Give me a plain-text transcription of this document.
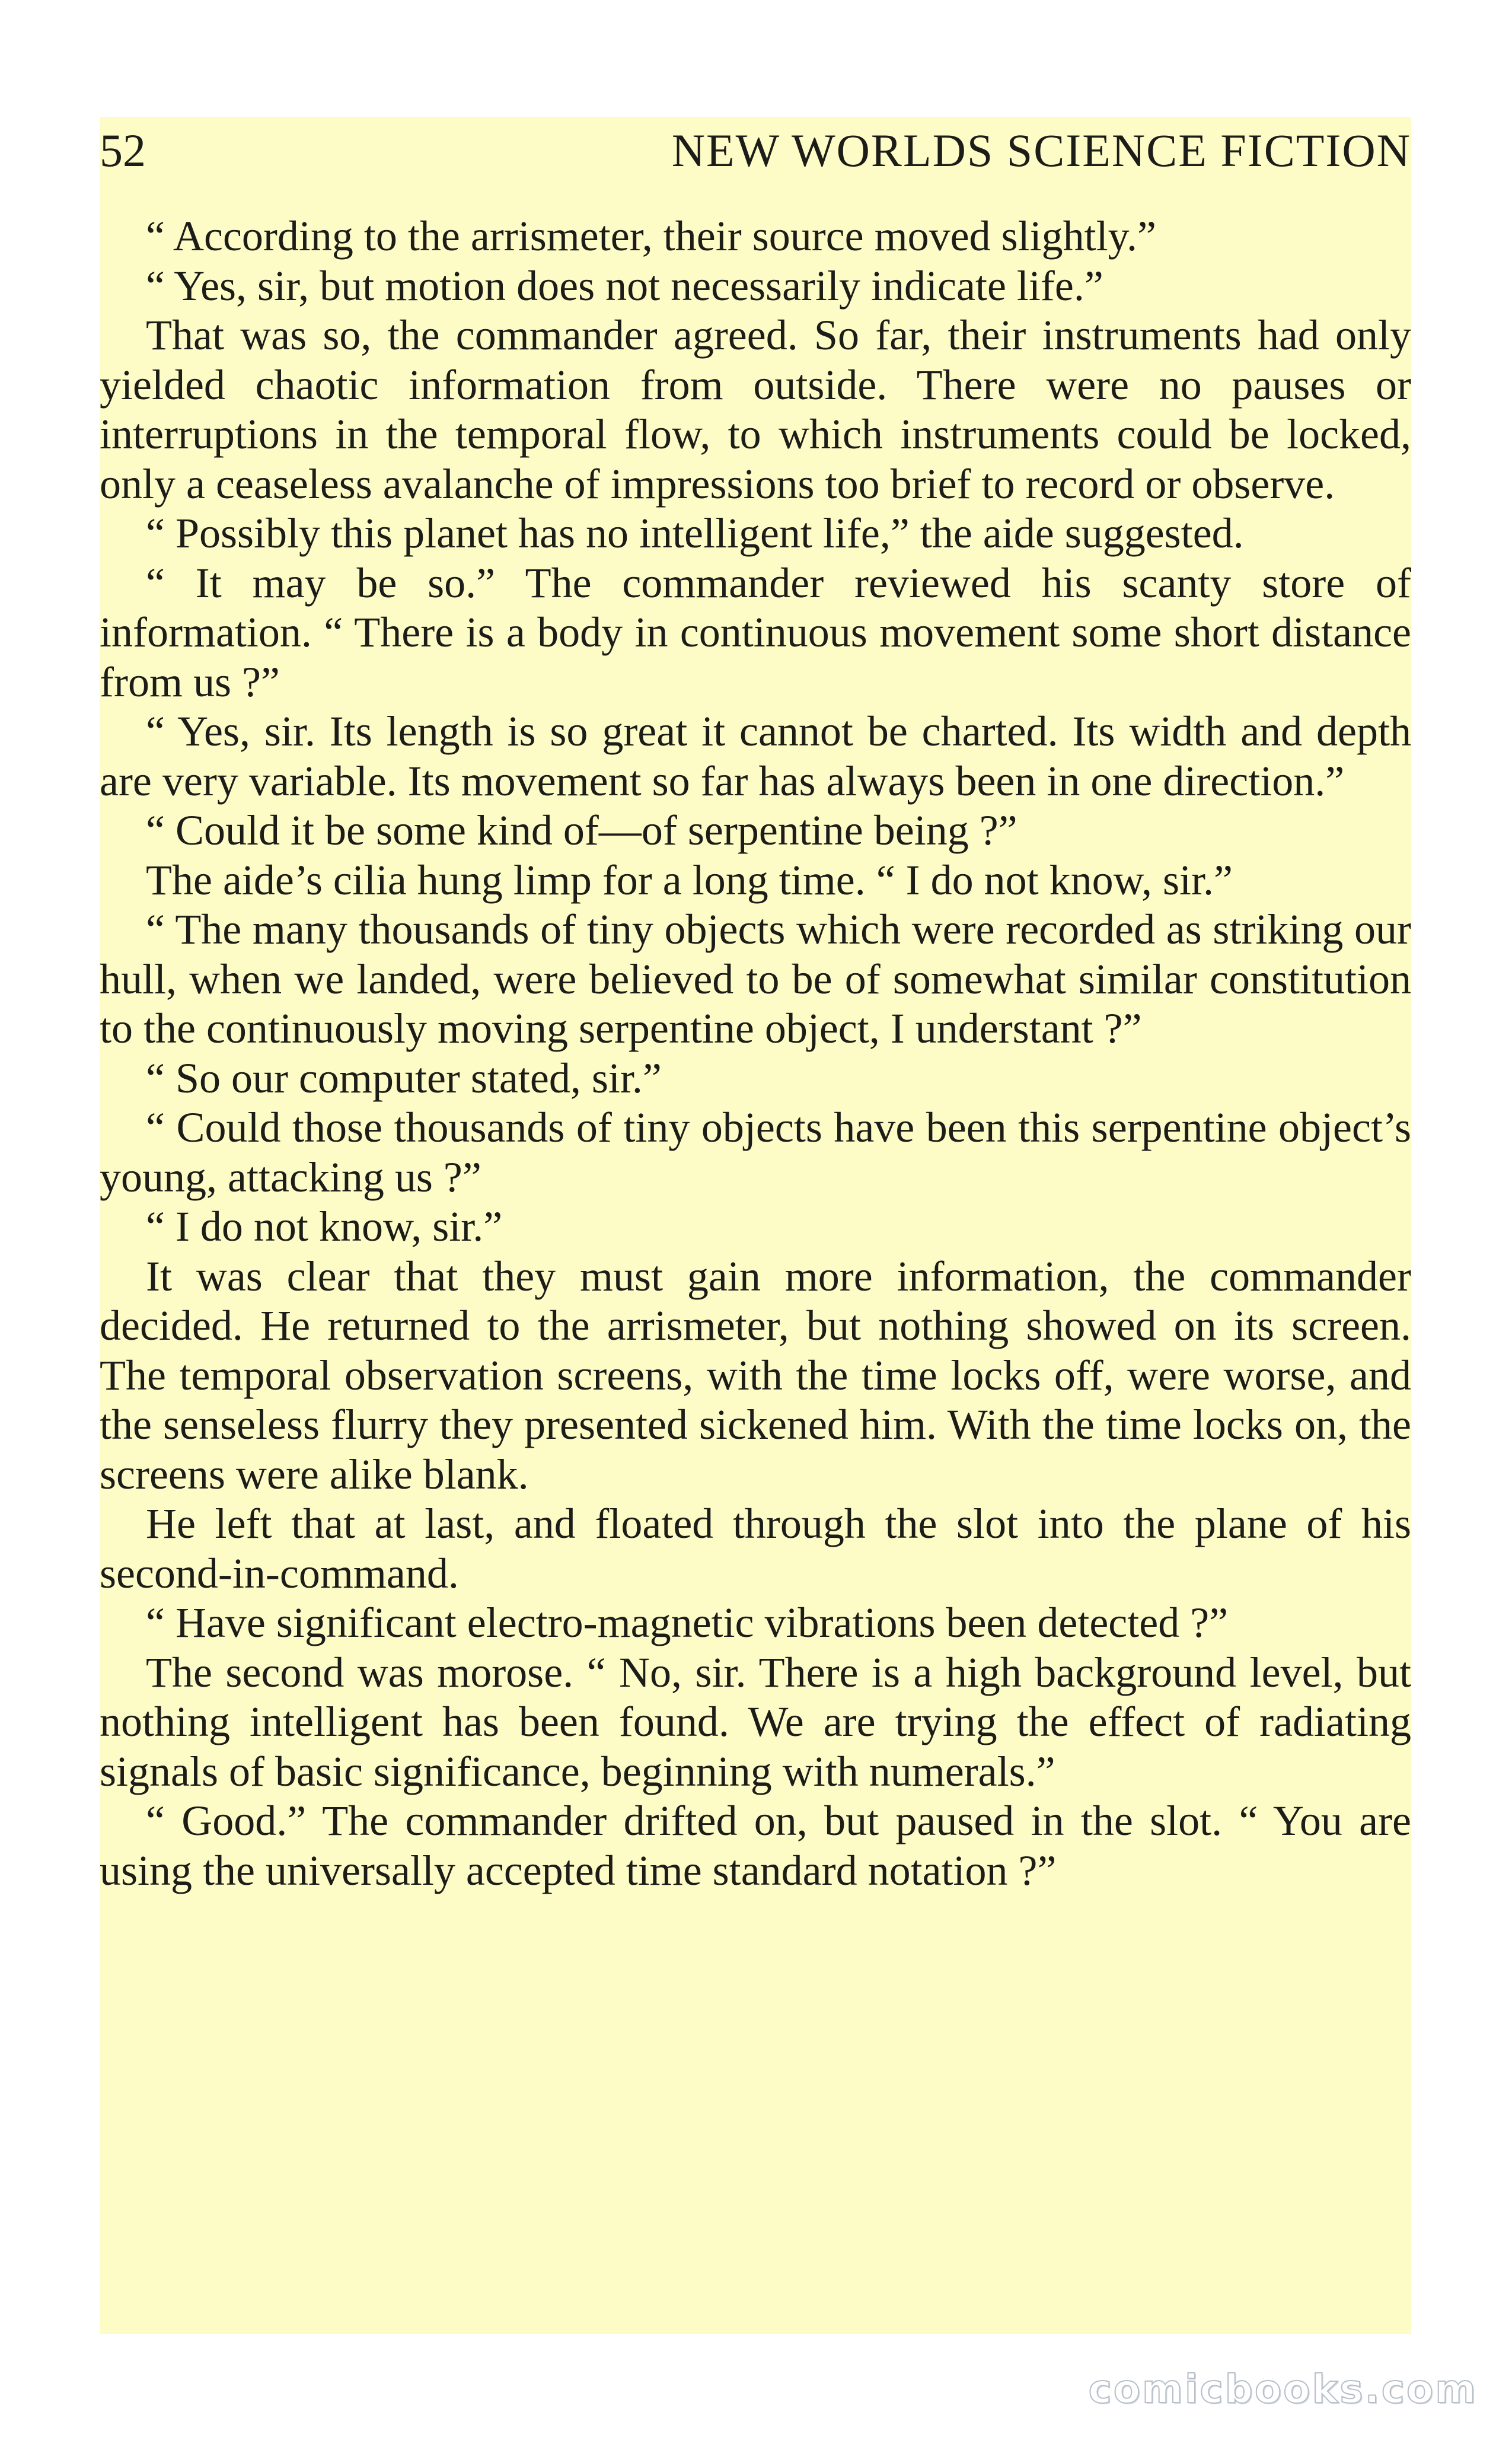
52	NEW WORLDS SCIENCE FICTION

“ According to the arrismeter, their source moved slightly.”

“ Yes, sir, but motion does not necessarily indicate life.”

That was so, the commander agreed. So far, their instruments had only yielded chaotic information from outside. There were no pauses or interruptions in the temporal flow, to which instruments could be locked, only a ceaseless avalanche of impressions too brief to record or observe.

“ Possibly this planet has no intelligent life,” the aide suggested.

“ It may be so.” The commander reviewed his scanty store of information. “ There is a body in continuous movement some short distance from us ?”

“ Yes, sir. Its length is so great it cannot be charted. Its width and depth are very variable. Its movement so far has always been in one direction.”

“ Could it be some kind of—of serpentine being ?”

The aide’s cilia hung limp for a long time. “ I do not know, sir.”

“ The many thousands of tiny objects which were recorded as striking our hull, when we landed, were believed to be of somewhat similar constitution to the continuously moving serpentine object, I understant ?”

“ So our computer stated, sir.”

“ Could those thousands of tiny objects have been this serpentine object’s young, attacking us ?”

“ I do not know, sir.”

It was clear that they must gain more information, the commander decided. He returned to the arrismeter, but nothing showed on its screen. The temporal observation screens, with the time locks off, were worse, and the senseless flurry they presented sickened him. With the time locks on, the screens were alike blank.

He left that at last, and floated through the slot into the plane of his second-in-command.

“ Have significant electro-magnetic vibrations been detected ?”

The second was morose. “ No, sir. There is a high background level, but nothing intelligent has been found. We are trying the effect of radiating signals of basic significance, beginning with numerals.”

“ Good.” The commander drifted on, but paused in the slot. “ You are using the universally accepted time standard notation ?”

comicbooks.com
